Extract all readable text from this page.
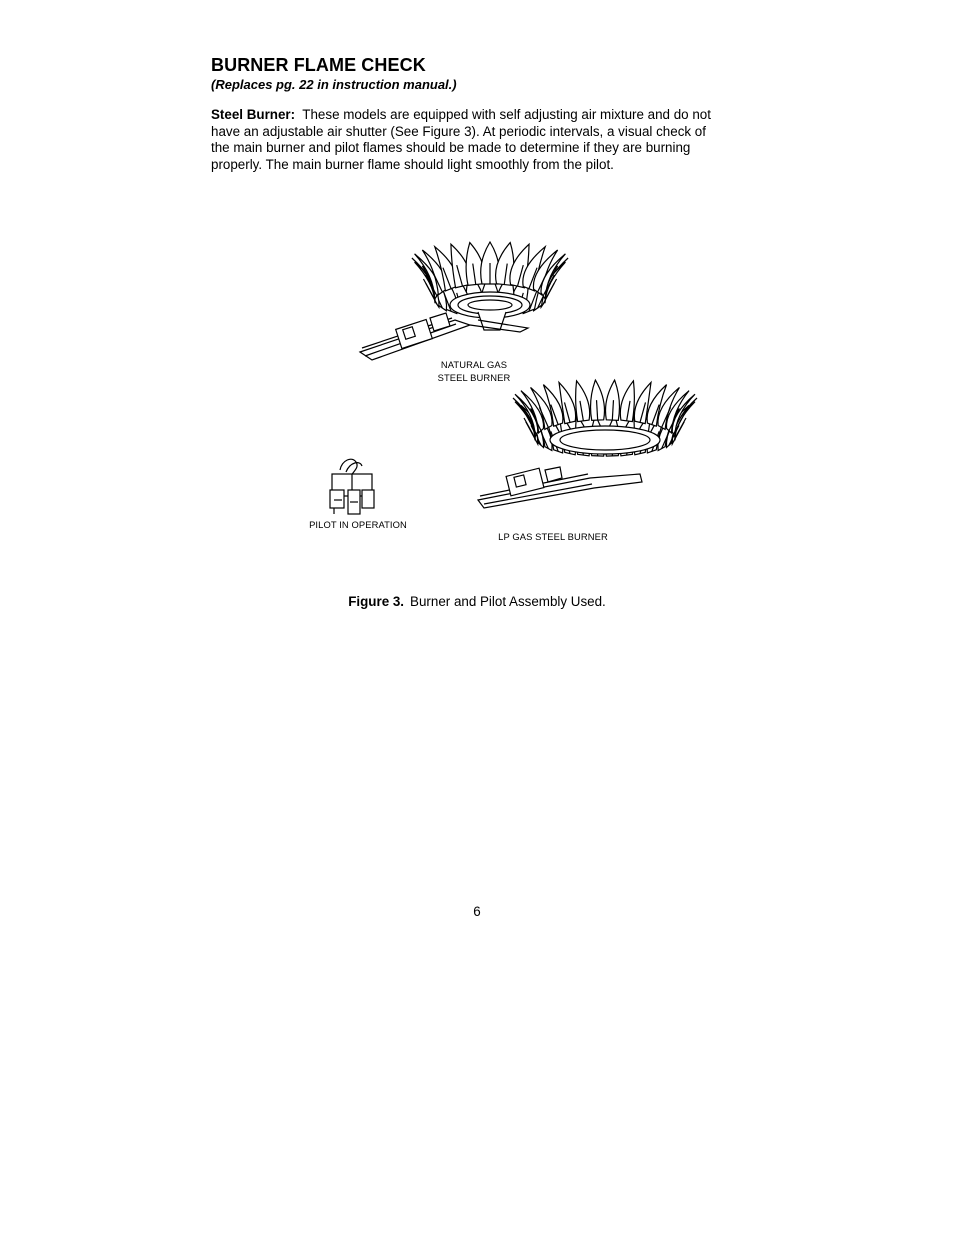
BURNER FLAME CHECK
(Replaces pg. 22 in instruction manual.)
Steel Burner: These models are equipped with self adjusting air mixture and do not
have an adjustable air shutter (See Figure 3). At periodic intervals, a visual check of
the main burner and pilot flames should be made to determine if they are burning
properly. The main burner flame should light smoothly from the pilot.
NATURAL GAS
STEEL BURNER
PILOT IN OPERATION
LP GAS STEEL BURNER
Figure 3. Burner and Pilot Assembly Used.
6
